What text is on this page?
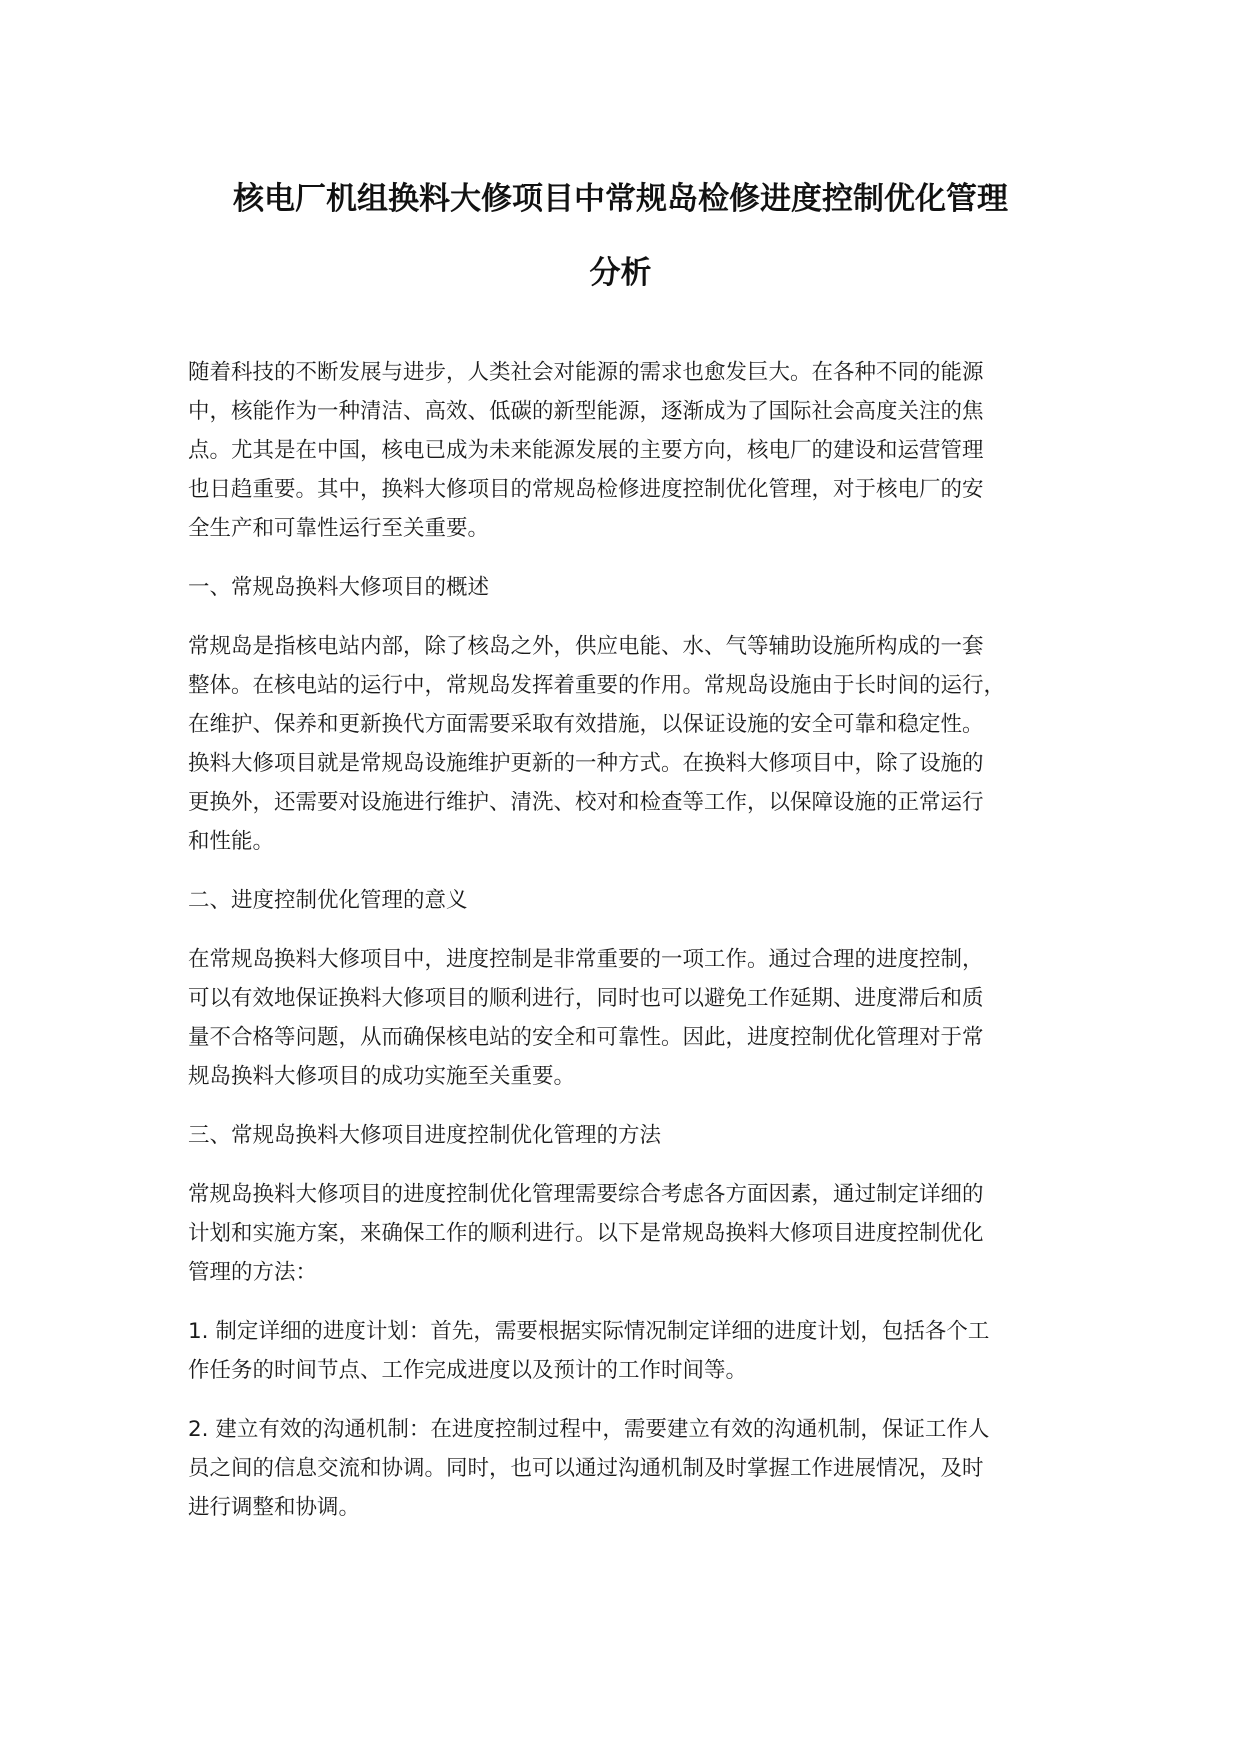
核电厂机组换料大修项目中常规岛检修进度控制优化管理
分析

随着科技的不断发展与进步，人类社会对能源的需求也愈发巨大。在各种不同的能源
中，核能作为一种清洁、高效、低碳的新型能源，逐渐成为了国际社会高度关注的焦
点。尤其是在中国，核电已成为未来能源发展的主要方向，核电厂的建设和运营管理
也日趋重要。其中，换料大修项目的常规岛检修进度控制优化管理，对于核电厂的安
全生产和可靠性运行至关重要。

一、常规岛换料大修项目的概述

常规岛是指核电站内部，除了核岛之外，供应电能、水、气等辅助设施所构成的一套
整体。在核电站的运行中，常规岛发挥着重要的作用。常规岛设施由于长时间的运行，
在维护、保养和更新换代方面需要采取有效措施，以保证设施的安全可靠和稳定性。
换料大修项目就是常规岛设施维护更新的一种方式。在换料大修项目中，除了设施的
更换外，还需要对设施进行维护、清洗、校对和检查等工作，以保障设施的正常运行
和性能。

二、进度控制优化管理的意义

在常规岛换料大修项目中，进度控制是非常重要的一项工作。通过合理的进度控制，
可以有效地保证换料大修项目的顺利进行，同时也可以避免工作延期、进度滞后和质
量不合格等问题，从而确保核电站的安全和可靠性。因此，进度控制优化管理对于常
规岛换料大修项目的成功实施至关重要。

三、常规岛换料大修项目进度控制优化管理的方法

常规岛换料大修项目的进度控制优化管理需要综合考虑各方面因素，通过制定详细的
计划和实施方案，来确保工作的顺利进行。以下是常规岛换料大修项目进度控制优化
管理的方法：

1. 制定详细的进度计划：首先，需要根据实际情况制定详细的进度计划，包括各个工
作任务的时间节点、工作完成进度以及预计的工作时间等。

2. 建立有效的沟通机制：在进度控制过程中，需要建立有效的沟通机制，保证工作人
员之间的信息交流和协调。同时，也可以通过沟通机制及时掌握工作进展情况，及时
进行调整和协调。
